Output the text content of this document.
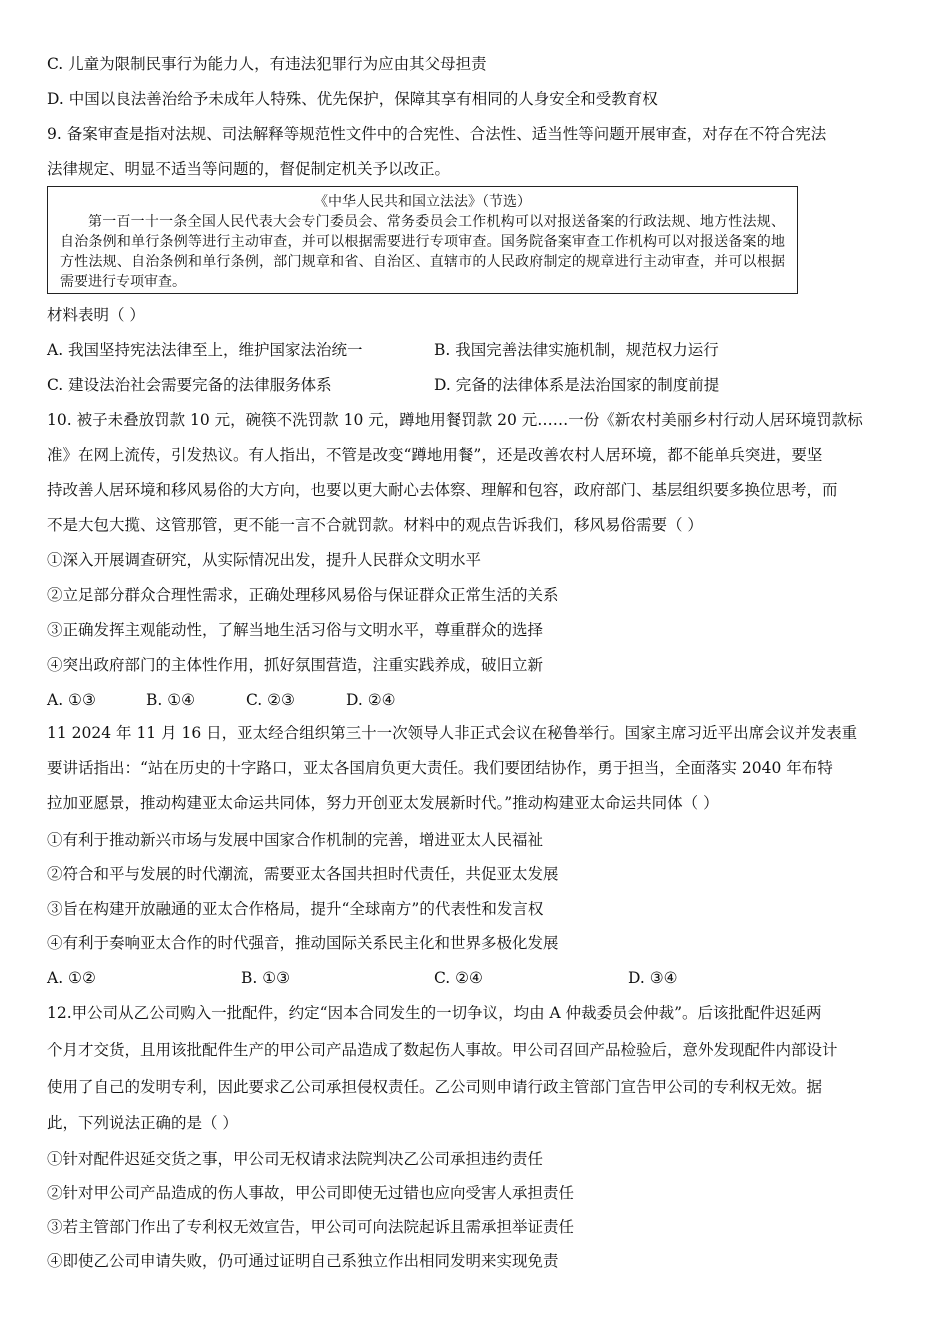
C. 儿童为限制民事行为能力人，有违法犯罪行为应由其父母担责
D. 中国以良法善治给予未成年人特殊、优先保护，保障其享有相同的人身安全和受教育权
9. 备案审查是指对法规、司法解释等规范性文件中的合宪性、合法性、适当性等问题开展审查，对存在不符合宪法
法律规定、明显不适当等问题的，督促制定机关予以改正。
《中华人民共和国立法法》（节选）
第一百一十一条全国人民代表大会专门委员会、常务委员会工作机构可以对报送备案的行政法规、地方性法规、自治条例和单行条例等进行主动审查，并可以根据需要进行专项审查。国务院备案审查工作机构可以对报送备案的地方性法规、自治条例和单行条例，部门规章和省、自治区、直辖市的人民政府制定的规章进行主动审查，并可以根据需要进行专项审查。
材料表明（ ）
A. 我国坚持宪法法律至上，维护国家法治统一	B. 我国完善法律实施机制，规范权力运行
C. 建设法治社会需要完备的法律服务体系	D. 完备的法律体系是法治国家的制度前提
10. 被子未叠放罚款 10 元，碗筷不洗罚款 10 元，蹲地用餐罚款 20 元……一份《新农村美丽乡村行动人居环境罚款标
准》在网上流传，引发热议。有人指出，不管是改变“蹲地用餐”，还是改善农村人居环境，都不能单兵突进，要坚
持改善人居环境和移风易俗的大方向，也要以更大耐心去体察、理解和包容，政府部门、基层组织要多换位思考，而
不是大包大揽、这管那管，更不能一言不合就罚款。材料中的观点告诉我们，移风易俗需要（ ）
①深入开展调查研究，从实际情况出发，提升人民群众文明水平
②立足部分群众合理性需求，正确处理移风易俗与保证群众正常生活的关系
③正确发挥主观能动性，了解当地生活习俗与文明水平，尊重群众的选择
④突出政府部门的主体性作用，抓好氛围营造，注重实践养成，破旧立新
A. ①③	B. ①④	C. ②③	D. ②④
11 2024 年 11 月 16 日，亚太经合组织第三十一次领导人非正式会议在秘鲁举行。国家主席习近平出席会议并发表重
要讲话指出：“站在历史的十字路口，亚太各国肩负更大责任。我们要团结协作，勇于担当，全面落实 2040 年布特
拉加亚愿景，推动构建亚太命运共同体，努力开创亚太发展新时代。”推动构建亚太命运共同体（ ）
①有利于推动新兴市场与发展中国家合作机制的完善，增进亚太人民福祉
②符合和平与发展的时代潮流，需要亚太各国共担时代责任，共促亚太发展
③旨在构建开放融通的亚太合作格局，提升“全球南方”的代表性和发言权
④有利于奏响亚太合作的时代强音，推动国际关系民主化和世界多极化发展
A. ①②	B. ①③	C. ②④	D. ③④
12.甲公司从乙公司购入一批配件，约定“因本合同发生的一切争议，均由 A 仲裁委员会仲裁”。后该批配件迟延两
个月才交货，且用该批配件生产的甲公司产品造成了数起伤人事故。甲公司召回产品检验后，意外发现配件内部设计
使用了自己的发明专利，因此要求乙公司承担侵权责任。乙公司则申请行政主管部门宣告甲公司的专利权无效。据
此，下列说法正确的是（ ）
①针对配件迟延交货之事，甲公司无权请求法院判决乙公司承担违约责任
②针对甲公司产品造成的伤人事故，甲公司即使无过错也应向受害人承担责任
③若主管部门作出了专利权无效宣告，甲公司可向法院起诉且需承担举证责任
④即使乙公司申请失败，仍可通过证明自己系独立作出相同发明来实现免责
